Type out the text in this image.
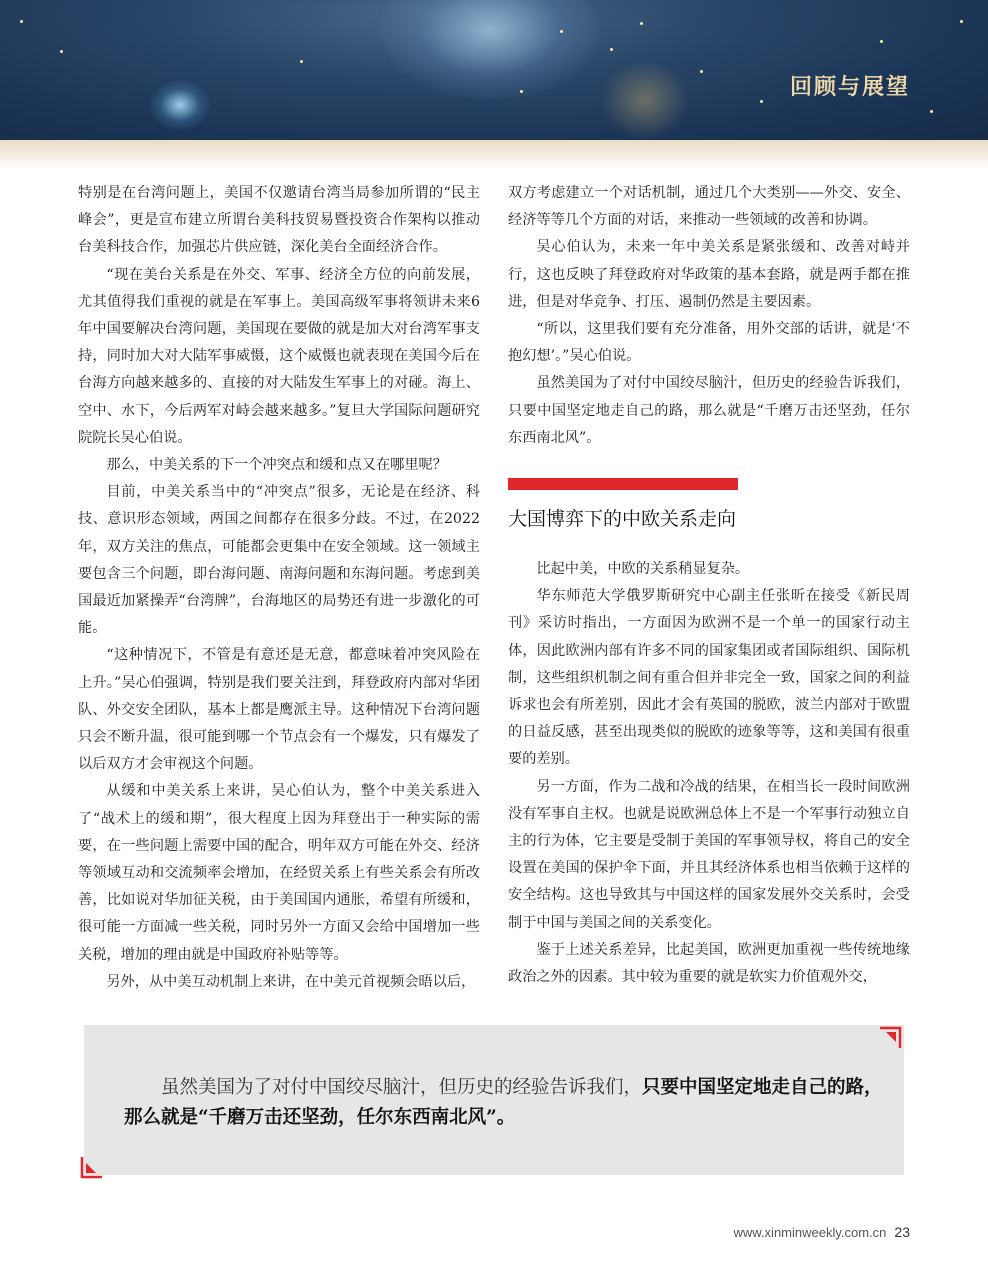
回顾与展望

特别是在台湾问题上，美国不仅邀请台湾当局参加所谓的“民主峰会”，更是宣布建立所谓台美科技贸易暨投资合作架构以推动台美科技合作，加强芯片供应链，深化美台全面经济合作。

“现在美台关系是在外交、军事、经济全方位的向前发展，尤其值得我们重视的就是在军事上。美国高级军事将领讲未来6年中国要解决台湾问题，美国现在要做的就是加大对台湾军事支持，同时加大对大陆军事威慑，这个威慑也就表现在美国今后在台海方向越来越多的、直接的对大陆发生军事上的对碰。海上、空中、水下，今后两军对峙会越来越多。”复旦大学国际问题研究院院长吴心伯说。

那么，中美关系的下一个冲突点和缓和点又在哪里呢？

目前，中美关系当中的“冲突点”很多，无论是在经济、科技、意识形态领域，两国之间都存在很多分歧。不过，在2022年，双方关注的焦点，可能都会更集中在安全领域。这一领域主要包含三个问题，即台海问题、南海问题和东海问题。考虑到美国最近加紧操弄“台湾牌”，台海地区的局势还有进一步激化的可能。

“这种情况下，不管是有意还是无意，都意味着冲突风险在上升。”吴心伯强调，特别是我们要关注到，拜登政府内部对华团队、外交安全团队，基本上都是鹰派主导。这种情况下台湾问题只会不断升温，很可能到哪一个节点会有一个爆发，只有爆发了以后双方才会审视这个问题。

从缓和中美关系上来讲，吴心伯认为，整个中美关系进入了“战术上的缓和期”，很大程度上因为拜登出于一种实际的需要，在一些问题上需要中国的配合，明年双方可能在外交、经济等领域互动和交流频率会增加，在经贸关系上有些关系会有所改善，比如说对华加征关税，由于美国国内通胀，希望有所缓和，很可能一方面减一些关税，同时另外一方面又会给中国增加一些关税，增加的理由就是中国政府补贴等等。

另外，从中美互动机制上来讲，在中美元首视频会晤以后，

双方考虑建立一个对话机制，通过几个大类别——外交、安全、经济等等几个方面的对话，来推动一些领域的改善和协调。

吴心伯认为，未来一年中美关系是紧张缓和、改善对峙并行，这也反映了拜登政府对华政策的基本套路，就是两手都在推进，但是对华竞争、打压、遏制仍然是主要因素。

“所以，这里我们要有充分准备，用外交部的话讲，就是‘不抱幻想’。”吴心伯说。

虽然美国为了对付中国绞尽脑汁，但历史的经验告诉我们，只要中国坚定地走自己的路，那么就是“千磨万击还坚劲，任尔东西南北风”。

大国博弈下的中欧关系走向

比起中美，中欧的关系稍显复杂。

华东师范大学俄罗斯研究中心副主任张昕在接受《新民周刊》采访时指出，一方面因为欧洲不是一个单一的国家行动主体，因此欧洲内部有许多不同的国家集团或者国际组织、国际机制，这些组织机制之间有重合但并非完全一致，国家之间的利益诉求也会有所差别，因此才会有英国的脱欧，波兰内部对于欧盟的日益反感，甚至出现类似的脱欧的迹象等等，这和美国有很重要的差别。

另一方面，作为二战和冷战的结果，在相当长一段时间欧洲没有军事自主权。也就是说欧洲总体上不是一个军事行动独立自主的行为体，它主要是受制于美国的军事领导权，将自己的安全设置在美国的保护伞下面，并且其经济体系也相当依赖于这样的安全结构。这也导致其与中国这样的国家发展外交关系时，会受制于中国与美国之间的关系变化。

鉴于上述关系差异，比起美国，欧洲更加重视一些传统地缘政治之外的因素。其中较为重要的就是软实力价值观外交，

虽然美国为了对付中国绞尽脑汁，但历史的经验告诉我们，只要中国坚定地走自己的路，那么就是“千磨万击还坚劲，任尔东西南北风”。
www.xinminweekly.com.cn 23
